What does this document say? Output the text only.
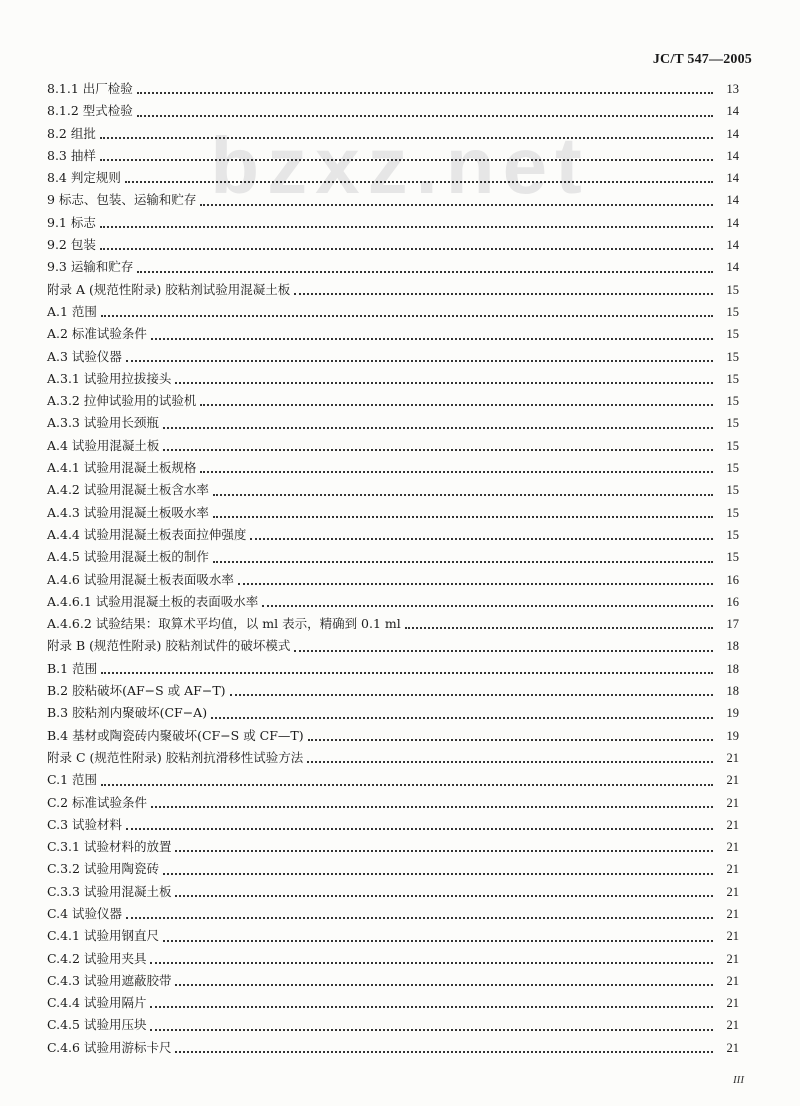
JC/T 547—2005
bzxz.net
8.1.1 出厂检验	13
8.1.2 型式检验	14
8.2 组批	14
8.3 抽样	14
8.4 判定规则	14
9 标志、包装、运输和贮存	14
9.1 标志	14
9.2 包装	14
9.3 运输和贮存	14
附录 A (规范性附录) 胶粘剂试验用混凝土板	15
A.1 范围	15
A.2 标准试验条件	15
A.3 试验仪器	15
A.3.1 试验用拉拔接头	15
A.3.2 拉伸试验用的试验机	15
A.3.3 试验用长颈瓶	15
A.4 试验用混凝土板	15
A.4.1 试验用混凝土板规格	15
A.4.2 试验用混凝土板含水率	15
A.4.3 试验用混凝土板吸水率	15
A.4.4 试验用混凝土板表面拉伸强度	15
A.4.5 试验用混凝土板的制作	15
A.4.6 试验用混凝土板表面吸水率	16
A.4.6.1 试验用混凝土板的表面吸水率	16
A.4.6.2 试验结果：取算术平均值，以 ml 表示，精确到 0.1 ml	17
附录 B (规范性附录) 胶粘剂试件的破坏模式	18
B.1 范围	18
B.2 胶粘破坏(AF−S 或 AF−T)	18
B.3 胶粘剂内聚破坏(CF−A)	19
B.4 基材或陶瓷砖内聚破坏(CF−S 或 CF—T)	19
附录 C (规范性附录) 胶粘剂抗滑移性试验方法	21
C.1 范围	21
C.2 标准试验条件	21
C.3 试验材料	21
C.3.1 试验材料的放置	21
C.3.2 试验用陶瓷砖	21
C.3.3 试验用混凝土板	21
C.4 试验仪器	21
C.4.1 试验用钢直尺	21
C.4.2 试验用夹具	21
C.4.3 试验用遮蔽胶带	21
C.4.4 试验用隔片	21
C.4.5 试验用压块	21
C.4.6 试验用游标卡尺	21
III
